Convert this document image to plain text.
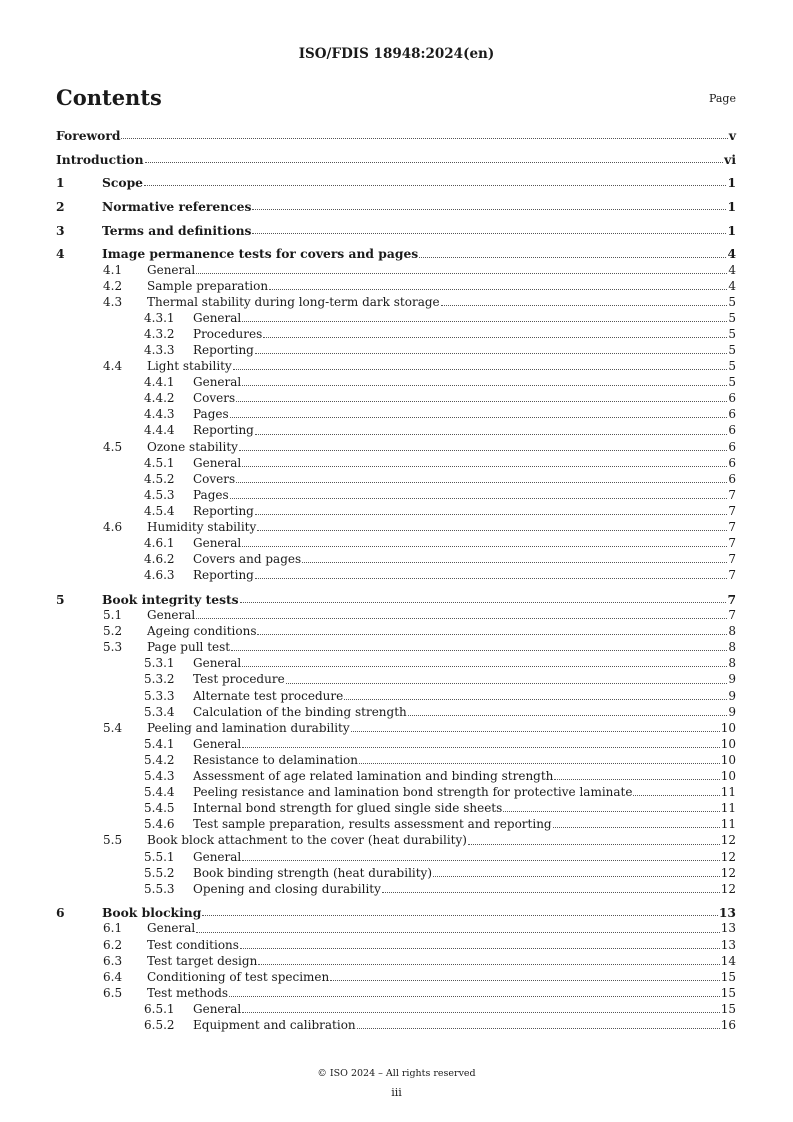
ISO/FDIS 18948:2024(en)
Contents	Page
Foreword	v
Introduction	vi
1	Scope	1
2	Normative references	1
3	Terms and definitions	1
4	Image permanence tests for covers and pages	4
4.1	General	4
4.2	Sample preparation	4
4.3	Thermal stability during long-term dark storage	5
4.3.1	General	5
4.3.2	Procedures	5
4.3.3	Reporting	5
4.4	Light stability	5
4.4.1	General	5
4.4.2	Covers	6
4.4.3	Pages	6
4.4.4	Reporting	6
4.5	Ozone stability	6
4.5.1	General	6
4.5.2	Covers	6
4.5.3	Pages	7
4.5.4	Reporting	7
4.6	Humidity stability	7
4.6.1	General	7
4.6.2	Covers and pages	7
4.6.3	Reporting	7
5	Book integrity tests	7
5.1	General	7
5.2	Ageing conditions	8
5.3	Page pull test	8
5.3.1	General	8
5.3.2	Test procedure	9
5.3.3	Alternate test procedure	9
5.3.4	Calculation of the binding strength	9
5.4	Peeling and lamination durability	10
5.4.1	General	10
5.4.2	Resistance to delamination	10
5.4.3	Assessment of age related lamination and binding strength	10
5.4.4	Peeling resistance and lamination bond strength for protective laminate	11
5.4.5	Internal bond strength for glued single side sheets	11
5.4.6	Test sample preparation, results assessment and reporting	11
5.5	Book block attachment to the cover (heat durability)	12
5.5.1	General	12
5.5.2	Book binding strength (heat durability)	12
5.5.3	Opening and closing durability	12
6	Book blocking	13
6.1	General	13
6.2	Test conditions	13
6.3	Test target design	14
6.4	Conditioning of test specimen	15
6.5	Test methods	15
6.5.1	General	15
6.5.2	Equipment and calibration	16
© ISO 2024 – All rights reserved
iii
